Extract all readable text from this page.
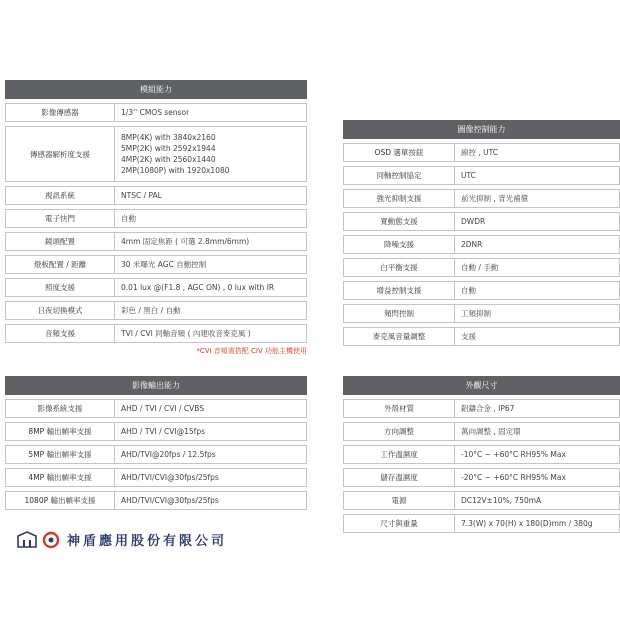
模組能力
影像傳感器	1/3'' CMOS sensor
傳感器解析度支援
8MP(4K) with 3840x2160
5MP(2K) with 2592x1944
4MP(2K) with 2560x1440
2MP(1080P) with 1920x1080
視訊系統	NTSC / PAL
電子快門	自動
鏡頭配置	4mm 固定焦距 ( 可選 2.8mm/6mm)
燈板配置 / 距離	30 米曝光 AGC 自動控制
照度支援	0.01 lux @(F1.8 , AGC ON) , 0 lux with IR
日夜切換模式	彩色 / 黑白 / 自動
音頻支援	TVI / CVI 同軸音頻 ( 內建收音麥克風 )
*CVI 音頻需搭配 CIV 功能主機使用
圖像控制能力
OSD 選單按鈕	線控 , UTC
同軸控制協定	UTC
強光抑制支援	前光抑制 , 背光補償
寬動態支援	DWDR
降噪支援	2DNR
白平衡支援	自動 / 手動
增益控制支援	自動
頻閃控制	工頻抑制
麥克風音量調整	支援
影像輸出能力
影像系統支援	AHD / TVI / CVI / CVBS
8MP 輸出幀率支援	AHD / TVI / CVI@15fps
5MP 輸出幀率支援	AHD/TVI@20fps / 12.5fps
4MP 輸出幀率支援	AHD/TVI/CVI@30fps/25fps
1080P 輸出幀率支援	AHD/TVI/CVI@30fps/25fps
外觀尺寸
外殼材質	鋁鑄合金 , IP67
方向調整	萬向調整 , 固定環
工作溫濕度	-10°C ~ +60°C RH95% Max
儲存溫濕度	-20°C ~ +60°C RH95% Max
電源	DC12V±10%, 750mA
尺寸與重量	7.3(W) x 70(H) x 180(D)mm / 380g
神盾應用股份有限公司
